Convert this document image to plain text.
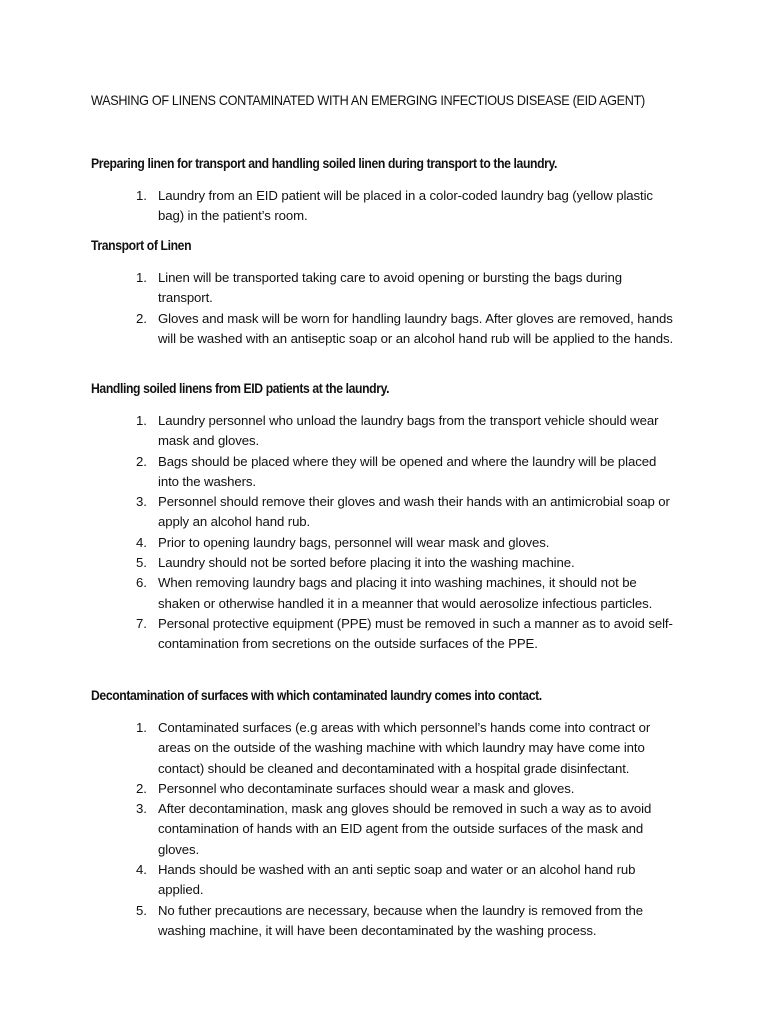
WASHING OF LINENS CONTAMINATED WITH AN EMERGING INFECTIOUS DISEASE (EID AGENT)
Preparing linen for transport and handling soiled linen during transport to the laundry.
1. Laundry from an EID patient will be placed in a color-coded laundry bag (yellow plastic bag) in the patient’s room.
Transport of Linen
1. Linen will be transported taking care to avoid opening or bursting the bags during transport.
2. Gloves and mask will be worn for handling laundry bags. After gloves are removed, hands will be washed with an antiseptic soap or an alcohol hand rub will be applied to the hands.
Handling soiled linens from EID patients at the laundry.
1. Laundry personnel who unload the laundry bags from the transport vehicle should wear mask and gloves.
2. Bags should be placed where they will be opened and where the laundry will be placed into the washers.
3. Personnel should remove their gloves and wash their hands with an antimicrobial soap or apply an alcohol hand rub.
4. Prior to opening laundry bags, personnel will wear mask and gloves.
5. Laundry should not be sorted before placing it into the washing machine.
6. When removing laundry bags and placing it into washing machines, it should not be shaken or otherwise handled it in a meanner that would aerosolize infectious particles.
7. Personal protective equipment (PPE) must be removed in such a manner as to avoid self-contamination from secretions on the outside surfaces of the PPE.
Decontamination of surfaces with which contaminated laundry comes into contact.
1. Contaminated surfaces (e.g areas with which personnel’s hands come into contract or areas on the outside of the washing machine with which laundry may have come into contact) should be cleaned and decontaminated with a hospital grade disinfectant.
2. Personnel who decontaminate surfaces should wear a mask and gloves.
3. After decontamination, mask ang gloves should be removed in such a way as to avoid contamination of hands with an EID agent from the outside surfaces of the mask and gloves.
4. Hands should be washed with an anti septic soap and water or an alcohol hand rub applied.
5. No futher precautions are necessary, because when the laundry is removed from the washing machine, it will have been decontaminated by the washing process.
